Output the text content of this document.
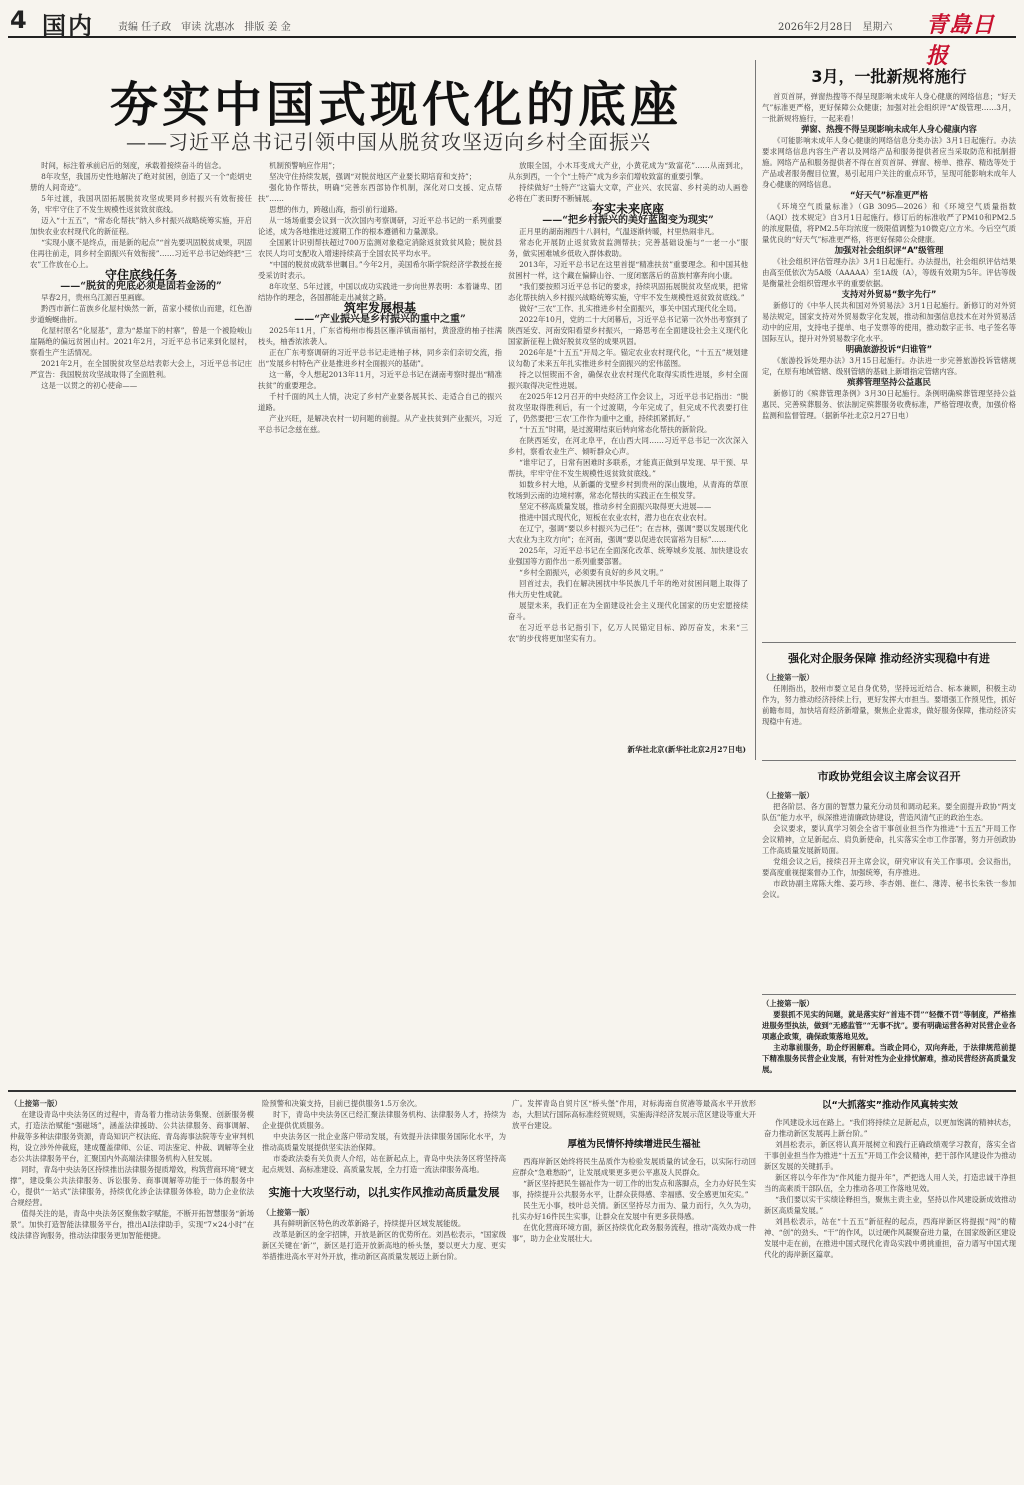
4 国内 责编 任子政　审读 沈惠冰　排版 姜 金	2026年2月28日　星期六 青島日报
夯实中国式现代化的底座
——习近平总书记引领中国从脱贫攻坚迈向乡村全面振兴

时间，标注着承前启后的刻度，承载着接续奋斗的信念。

8年攻坚，我国历史性地解决了绝对贫困，创造了又一个“彪炳史册的人间奇迹”。

5年过渡，我国巩固拓展脱贫攻坚成果同乡村振兴有效衔接任务，牢牢守住了不发生规模性返贫致贫底线。

迈入“十五五”，“常态化帮扶”纳入乡村振兴战略统筹实施，开启加快农业农村现代化的新征程。

“实现小康不是终点，而是新的起点”“首先要巩固脱贫成果，巩固住再往前走，同乡村全面振兴有效衔接”……习近平总书记始终把“三农”工作放在心上。

守住底线任务

——“脱贫的兜底必须是固若金汤的”

早春2月，贵州乌江源百里画廊。

黔西市新仁苗族乡化屋村焕然一新，苗家小楼依山而建，红色游步道蜿蜒曲折。

化屋村原名“化屋基”，意为“悬崖下的村寨”，曾是一个被险峻山崖隔绝的偏远贫困山村。2021年2月，习近平总书记来到化屋村，察看生产生活情况。

2021年2月，在全国脱贫攻坚总结表彰大会上，习近平总书记庄严宣告：我国脱贫攻坚战取得了全面胜利。

这是一以贯之的初心使命——

机制预警响应作用”；

坚决守住持续发展，强调“对脱贫地区产业要长期培育和支持”；

强化协作帮扶，明确“完善东西部协作机制，深化对口支援、定点帮扶”……

思想的伟力，跨越山海，指引前行道路。

从一场场重要会议到一次次国内考察调研，习近平总书记的一系列重要论述，成为各地推进过渡期工作的根本遵循和力量源泉。

全国累计识别帮扶超过700万监测对象稳定消除返贫致贫风险；脱贫县农民人均可支配收入增速持续高于全国农民平均水平。

“中国的脱贫成就举世瞩目。”今年2月，美国希尔斯学院经济学教授在接受采访时表示。

8年攻坚、5年过渡，中国以成功实践进一步向世界表明：本着谦卑、团结协作的理念，各国都能走出减贫之路。

筑牢发展根基

——“产业振兴是乡村振兴的重中之重”

2025年11月，广东省梅州市梅县区雁洋镇南福村，黄澄澄的柚子挂满枝头，柚香浓浓袭人。

正在广东考察调研的习近平总书记走进柚子林，同乡亲们亲切交流，指出“发展乡村特色产业是推进乡村全面振兴的基础”。

这一幕，令人想起2013年11月，习近平总书记在湖南考察时提出“精准扶贫”的重要理念。

千村千面的风土人情，决定了乡村产业要各展其长、走适合自己的振兴道路。

产业兴旺，是解决农村一切问题的前提。从产业扶贫到产业振兴，习近平总书记念兹在兹。

放眼全国，小木耳变成大产业，小黄花成为“致富花”……从南到北，从东到西，一个个“土特产”成为乡亲们增收致富的重要引擎。

持续做好“土特产”这篇大文章，产业兴、农民富、乡村美的动人画卷必将在广袤田野不断铺展。

夯实未来底座

——“把乡村振兴的美好蓝图变为现实”

正月里的湖南湘西十八洞村，气温逐渐转暖，村里热闹非凡。

常态化开展防止返贫致贫监测帮扶；完善基础设施与“一老一小”服务，做实困难城乡低收入群体救助。

2013年，习近平总书记在这里首提“精准扶贫”重要理念。和中国其他贫困村一样，这个藏在偏僻山谷、一度闭塞落后的苗族村寨奔向小康。

“我们要按照习近平总书记的要求，持续巩固拓展脱贫攻坚成果，把常态化帮扶纳入乡村振兴战略统筹实施，守牢不发生规模性返贫致贫底线。”

做好“三农”工作、扎实推进乡村全面振兴，事关中国式现代化全局。

2022年10月，党的二十大闭幕后，习近平总书记第一次外出考察到了陕西延安、河南安阳看望乡村振兴，一路思考在全面建设社会主义现代化国家新征程上做好脱贫攻坚的成果巩固。

2026年是“十五五”开局之年。锚定农业农村现代化，“十五五”规划建议勾勒了未来五年扎实推进乡村全面振兴的宏伟蓝图。

持之以恒锲而不舍，确保农业农村现代化取得实质性进展，乡村全面振兴取得决定性进展。

在2025年12月召开的中央经济工作会议上，习近平总书记指出：“脱贫攻坚取得胜利后，有一个过渡期，今年完成了，但完成不代表要打住了，仍然要把‘三农’工作作为重中之重，持续抓紧抓好。”

“十五五”时期，是过渡期结束后转向常态化帮扶的新阶段。

在陕西延安，在河北阜平，在山西大同……习近平总书记一次次深入乡村，察看农业生产、倾听群众心声。

“谁牢记了，日常有困难时多联系，才能真正做到早发现、早干预、早帮扶，牢牢守住不发生规模性返贫致贫底线。”

如数乡村大地，从新疆的戈壁乡村到贵州的深山腹地，从青海的草原牧场到云南的边境村寨，常态化帮扶的实践正在生根发芽。

坚定不移高质量发展，推动乡村全面振兴取得更大进展——

推进中国式现代化，短板在农业农村，潜力也在农业农村。

在辽宁，强调“要以乡村振兴为己任”；在吉林，强调“要以发展现代化大农业为主攻方向”；在河南，强调“要以促进农民富裕为目标”……

2025年，习近平总书记在全面深化改革、统筹城乡发展、加快建设农业强国等方面作出一系列重要部署。

“乡村全面振兴，必须要有良好的乡风文明。”

回首过去，我们在解决困扰中华民族几千年的绝对贫困问题上取得了伟大历史性成就。

展望未来，我们正在为全面建设社会主义现代化国家的历史宏愿接续奋斗。

在习近平总书记指引下，亿万人民锚定目标、踔厉奋发，未来“三农”的步伐将更加坚实有力。

新华社北京(新华社北京2月27日电)
3月，一批新规将施行

首页首屏，弹窗热搜等不得呈现影响未成年人身心健康的网络信息；“好天气”标准更严格，更好保障公众健康；加强对社会组织评“A”级管理……3月，一批新规将施行，一起来看！

弹窗、热搜不得呈现影响未成年人身心健康内容

《可能影响未成年人身心健康的网络信息分类办法》3月1日起施行。办法要求网络信息内容生产者以及网络产品和服务提供者应当采取防范和抵制措施。网络产品和服务提供者不得在首页首屏、弹窗、榜单、推荐、精选等处于产品或者服务醒目位置，易引起用户关注的重点环节，呈现可能影响未成年人身心健康的网络信息。

“好天气”标准更严格

《环境空气质量标准》（GB 3095—2026）和《环境空气质量指数（AQI）技术规定》自3月1日起施行。修订后的标准收严了PM10和PM2.5的浓度限值，将PM2.5年均浓度一级限值调整为10微克/立方米。今后空气质量优良的“好天气”标准更严格，将更好保障公众健康。

加强对社会组织评“A”级管理

《社会组织评估管理办法》3月1日起施行。办法提出，社会组织评估结果由高至低依次为5A级（AAAAA）至1A级（A），等级有效期为5年。评估等级是衡量社会组织管理水平的重要依据。

支持对外贸易“数字先行”

新修订的《中华人民共和国对外贸易法》3月1日起施行。新修订的对外贸易法规定，国家支持对外贸易数字化发展，推动和加强信息技术在对外贸易活动中的应用，支持电子提单、电子发票等的使用，推动数字正书、电子签名等国际互认，提升对外贸易数字化水平。

明确旅游投诉“归谁管”

《旅游投诉处理办法》3月15日起施行。办法进一步完善旅游投诉管辖规定，在原有地域管辖、级别管辖的基础上新增指定管辖内容。

殡葬管理坚持公益惠民

新修订的《殡葬管理条例》3月30日起施行。条例明确殡葬管理坚持公益惠民、完善殡葬服务、依法制定殡葬服务收费标准，严格管理收费，加强价格监测和监督管理。（据新华社北京2月27日电）

强化对企服务保障 推动经济实现稳中有进

（上接第一版）

任刚指出，胶州市要立足自身优势，坚持远近结合、标本兼顾，积极主动作为，努力推动经济持续上行，更好发挥大市担当。要增强工作预见性，抓好前瞻布局，加快培育经济新增量，聚焦企业需求，做好服务保障，推动经济实现稳中有进。

市政协党组会议主席会议召开

（上接第一版）

把各阶层、各方面的智慧力量充分动员和调动起来。要全面提升政协“两支队伍”能力水平，纵深推进清廉政协建设，营造风清气正的政治生态。

会议要求，要认真学习领会全省干事创业担当作为推进“十五五”开局工作会议精神，立足新起点、肩负新使命，扎实落实全市工作部署，努力开创政协工作高质量发展新局面。

党组会议之后，接续召开主席会议，研究审议有关工作事项。会议指出，要高度重视提案督办工作，加强统筹，有序推进。

市政协副主席陈大维、姜巧珍、李杏娟、崔仁、薄涛、秘书长朱铁一参加会议。

（上接第一版）

要狠抓不见实的问题，就是落实好“首违不罚”“轻微不罚”等制度，严格推进服务型执法，做到“无感监管”“无事不扰”。要有明确运营各种对民营企业各项惠企政策，确保政策落地见效。

主动靠前服务，助企纾困解难。当政企同心，双向奔赴，于法律规范前提下精准服务民营企业发展，有针对性为企业排忧解难，推动民营经济高质量发展。

（上接第一版）

在建设青岛中央法务区的过程中，青岛着力推动法务集聚、创新服务模式，打造法治赋能“强磁场”，涵盖法律援助、公共法律服务、商事调解、仲裁等多种法律服务资源，青岛知识产权法庭、青岛海事法院等专业审判机构，设立涉外仲裁庭，建成覆盖律师、公证、司法鉴定、仲裁、调解等全业态公共法律服务平台，汇聚国内外高端法律服务机构入驻发展。

同时，青岛中央法务区持续推出法律服务提质增效，构筑营商环境“硬支撑”，建设集公共法律服务、诉讼服务、商事调解等功能于一体的服务中心，提供“一站式”法律服务，持续优化涉企法律服务体验，助力企业依法合规经营。

值得关注的是，青岛中央法务区聚焦数字赋能，不断开拓智慧服务“新场景”。加快打造智能法律服务平台，推出AI法律助手，实现“7×24小时”在线法律咨询服务，推动法律服务更加智能便捷。

险预警和决策支持，目前已提供服务1.5万余次。

时下，青岛中央法务区已经汇聚法律服务机构、法律服务人才，持续为企业提供优质服务。

中央法务区一批企业落户带动发展，有效提升法律服务国际化水平，为推动高质量发展提供坚实法治保障。

市委政法委有关负责人介绍，站在新起点上，青岛中央法务区将坚持高起点规划、高标准建设、高质量发展，全力打造一流法律服务高地。

实施十大攻坚行动，以扎实作风推动高质量发展

（上接第一版）

具有鲜明新区特色的改革新路子，持续提升区域发展能级。

改革是新区的金字招牌，开放是新区的优势所在。刘昌松表示，“国家级新区关键在‘新’”，新区是打造开放新高地的桥头堡，要以更大力度、更实举措推进高水平对外开放，推动新区高质量发展迈上新台阶。

广。发挥青岛自贸片区“桥头堡”作用，对标海南自贸港等最高水平开放形态，大胆试行国际高标准经贸规则，实施海洋经济发展示范区建设等重大开放平台建设。

厚植为民情怀持续增进民生福祉

西海岸新区始终将民生品质作为检验发展质量的试金石，以实际行动回应群众“急难愁盼”，让发展成果更多更公平惠及人民群众。

“新区坚持把民生福祉作为一切工作的出发点和落脚点，全力办好民生实事，持续提升公共服务水平，让群众获得感、幸福感、安全感更加充实。”

民生无小事，枝叶总关情。新区坚持尽力而为、量力而行，久久为功，扎实办好16件民生实事，让群众在发展中有更多获得感。

在优化营商环境方面，新区持续优化政务服务流程，推动“高效办成一件事”，助力企业发展壮大。

以“大抓落实”推动作风真转实效

作风建设永远在路上。“我们将持续立足新起点，以更加饱满的精神状态，奋力推动新区发展再上新台阶。”

刘昌松表示，新区将认真开展树立和践行正确政绩观学习教育，落实全省干事创业担当作为推进“十五五”开局工作会议精神，把干部作风建设作为推动新区发展的关键抓手。

新区将以今年作为“作风能力提升年”，严把选人用人关，打造忠诚干净担当的高素质干部队伍，全力推动各项工作落地见效。

“我们要以实干实绩诠释担当，聚焦主责主业，坚持以作风建设新成效推动新区高质量发展。”

刘昌松表示，站在“十五五”新征程的起点，西海岸新区将提振“闯”的精神、“创”的劲头、“干”的作风，以过硬作风凝聚奋进力量，在国家级新区建设发展中走在前，在推进中国式现代化青岛实践中勇挑重担，奋力谱写中国式现代化的海岸新区篇章。
